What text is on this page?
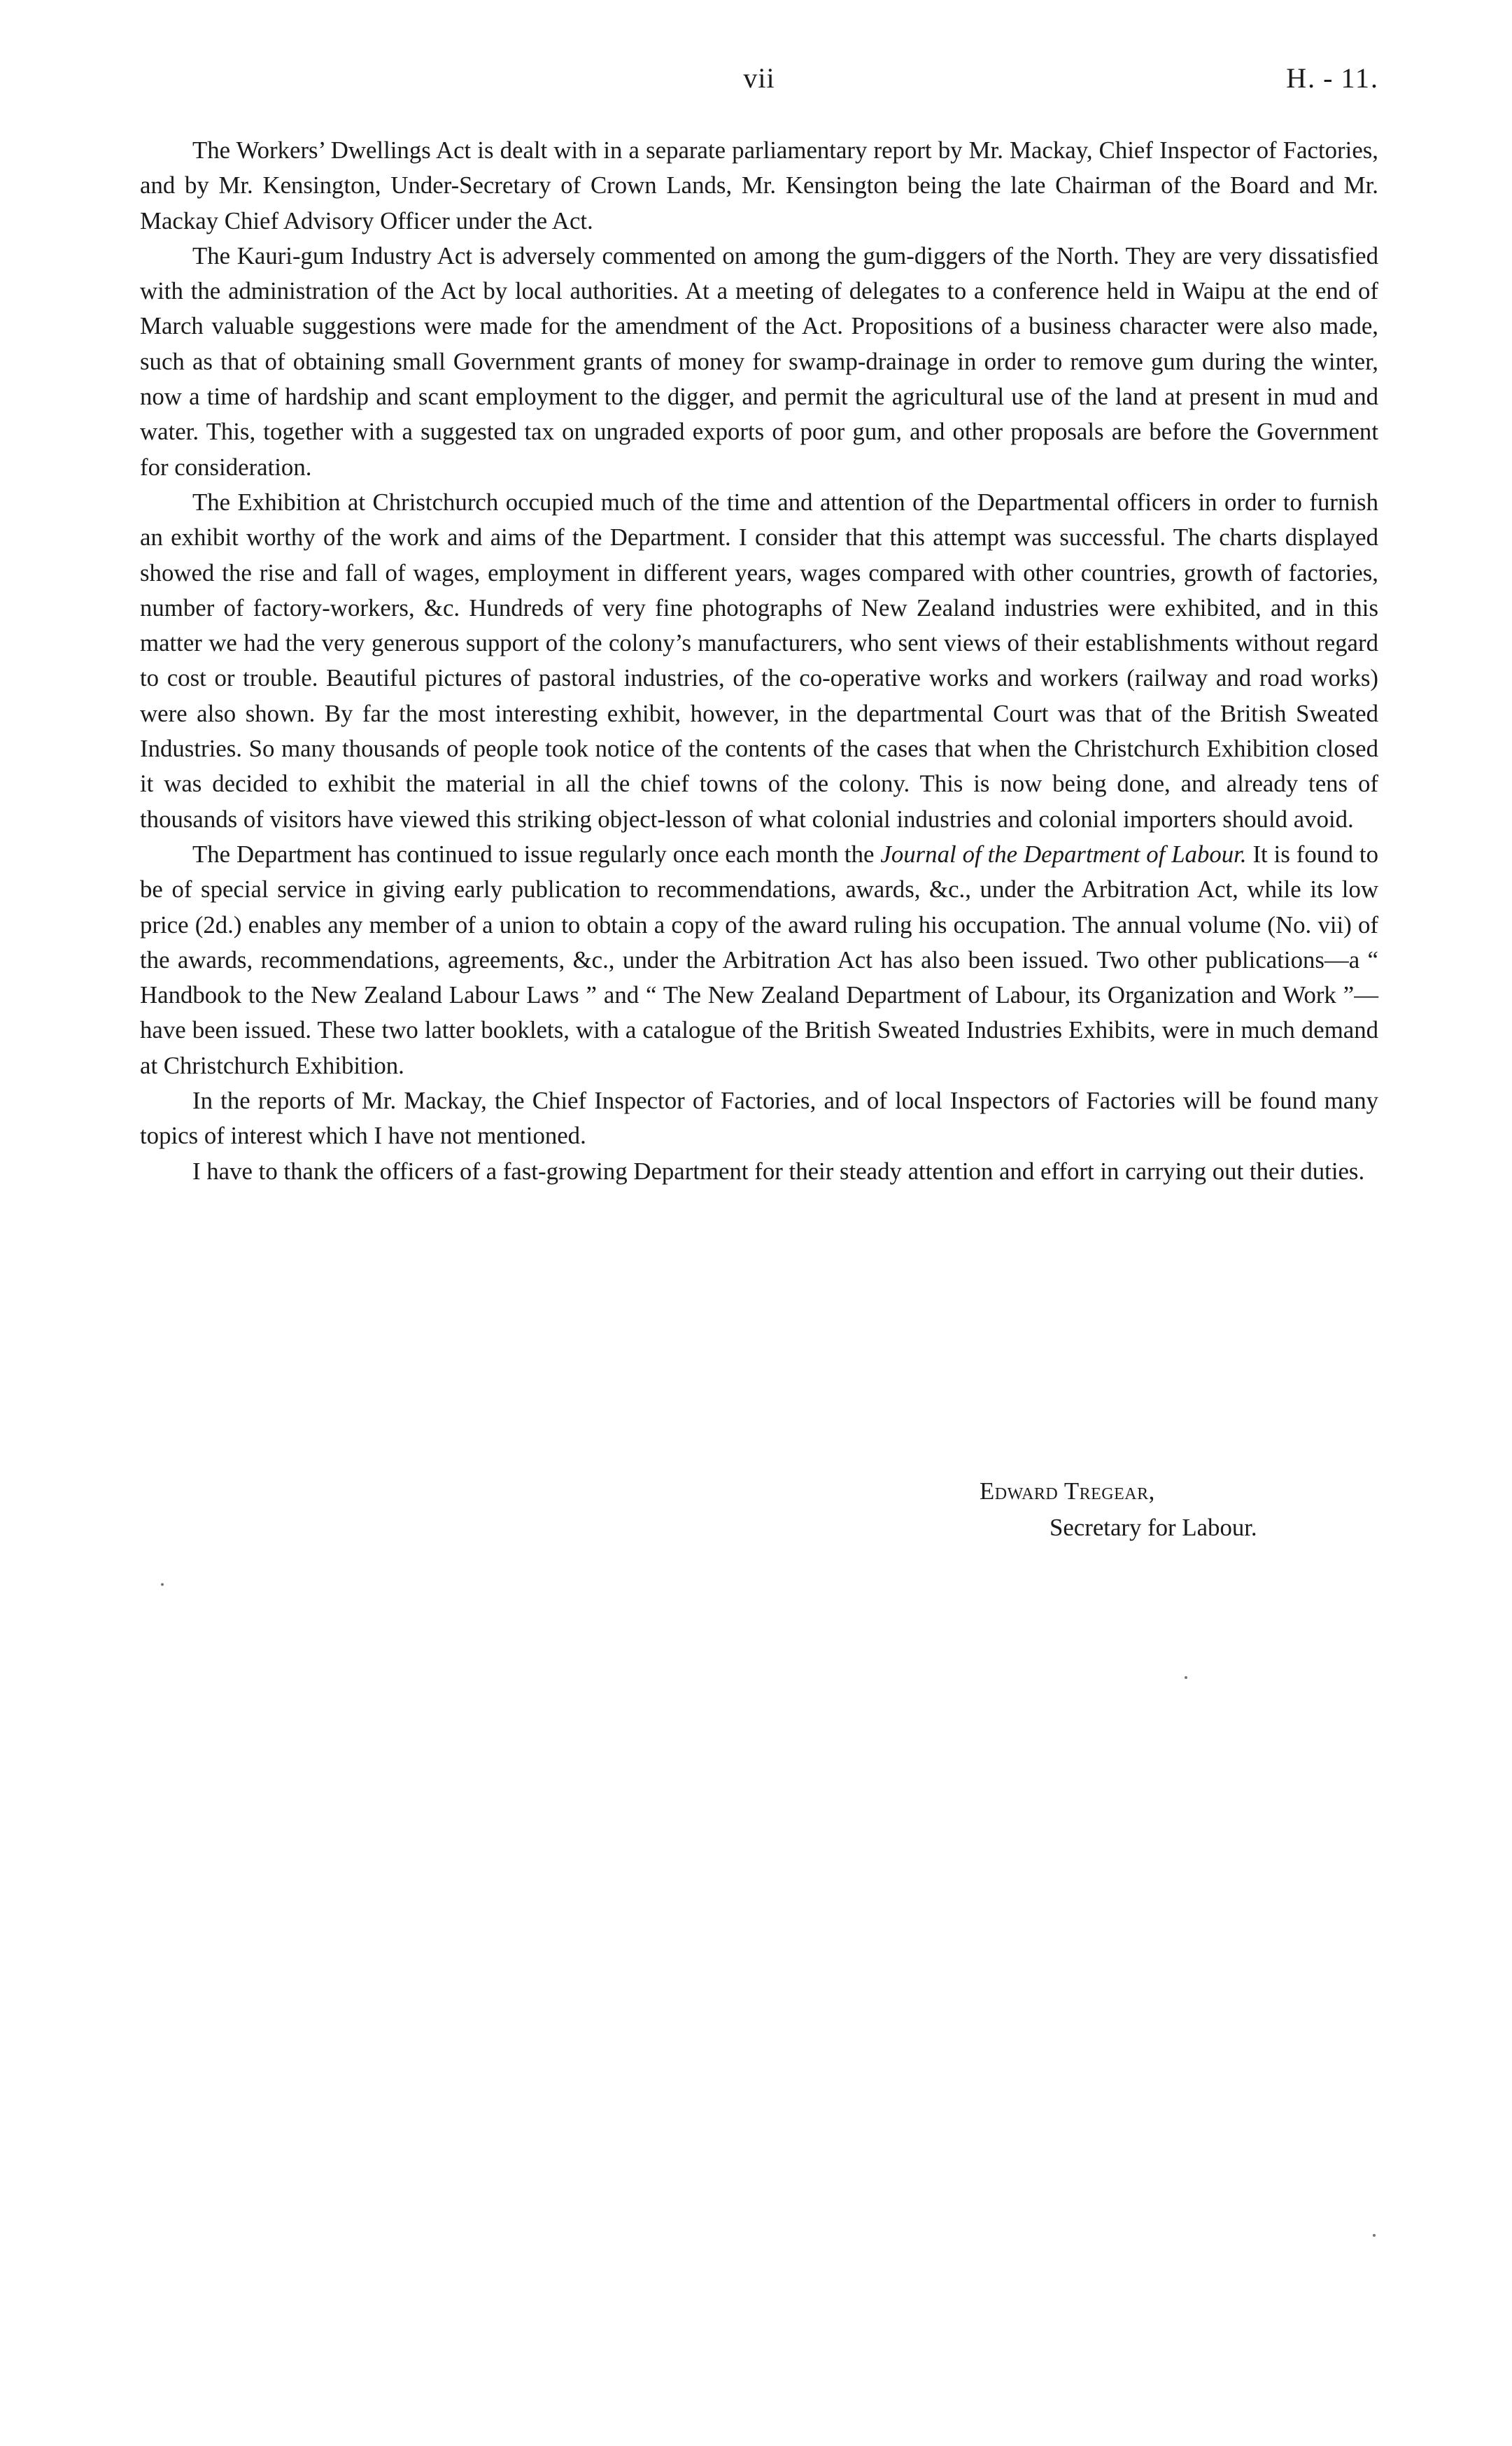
vii	H. - 11.

The Workers’ Dwellings Act is dealt with in a separate parliamentary report by Mr. Mackay, Chief Inspector of Factories, and by Mr. Kensington, Under-Secretary of Crown Lands, Mr. Kensington being the late Chairman of the Board and Mr. Mackay Chief Advisory Officer under the Act.

The Kauri-gum Industry Act is adversely commented on among the gum-diggers of the North. They are very dissatisfied with the administration of the Act by local authorities. At a meeting of delegates to a conference held in Waipu at the end of March valuable suggestions were made for the amendment of the Act. Propositions of a business character were also made, such as that of obtaining small Government grants of money for swamp-drainage in order to remove gum during the winter, now a time of hardship and scant employment to the digger, and permit the agricultural use of the land at present in mud and water. This, together with a suggested tax on ungraded exports of poor gum, and other proposals are before the Government for consideration.

The Exhibition at Christchurch occupied much of the time and attention of the Departmental officers in order to furnish an exhibit worthy of the work and aims of the Department. I consider that this attempt was successful. The charts displayed showed the rise and fall of wages, employment in different years, wages compared with other countries, growth of factories, number of factory-workers, &c. Hundreds of very fine photographs of New Zealand industries were exhibited, and in this matter we had the very generous support of the colony’s manufacturers, who sent views of their establishments without regard to cost or trouble. Beautiful pictures of pastoral industries, of the co-operative works and workers (railway and road works) were also shown. By far the most interesting exhibit, however, in the departmental Court was that of the British Sweated Industries. So many thousands of people took notice of the contents of the cases that when the Christchurch Exhibition closed it was decided to exhibit the material in all the chief towns of the colony. This is now being done, and already tens of thousands of visitors have viewed this striking object-lesson of what colonial industries and colonial importers should avoid.

The Department has continued to issue regularly once each month the Journal of the Department of Labour. It is found to be of special service in giving early publication to recommendations, awards, &c., under the Arbitration Act, while its low price (2d.) enables any member of a union to obtain a copy of the award ruling his occupation. The annual volume (No. vii) of the awards, recommendations, agreements, &c., under the Arbitration Act has also been issued. Two other publications—a “ Handbook to the New Zealand Labour Laws ” and “ The New Zealand Department of Labour, its Organization and Work ”—have been issued. These two latter booklets, with a catalogue of the British Sweated Industries Exhibits, were in much demand at Christchurch Exhibition.

In the reports of Mr. Mackay, the Chief Inspector of Factories, and of local Inspectors of Factories will be found many topics of interest which I have not mentioned.

I have to thank the officers of a fast-growing Department for their steady attention and effort in carrying out their duties.

Edward Tregear,
Secretary for Labour.
